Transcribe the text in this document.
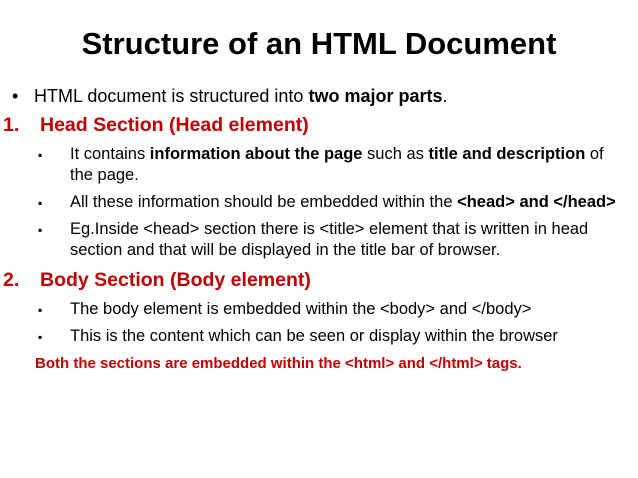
Structure of an HTML Document
• HTML document is structured into two major parts.
1. Head Section (Head element)
▪ It contains information about the page such as title and description of the page.
▪ All these information should be embedded within the <head> and </head>
▪ Eg.Inside <head> section there is <title> element that is written in head section and that will be displayed in the title bar of browser.
2. Body Section (Body element)
▪ The body element is embedded within the <body> and </body>
▪ This is the content which can be seen or display within the browser
Both the sections are embedded within the <html> and </html> tags.
